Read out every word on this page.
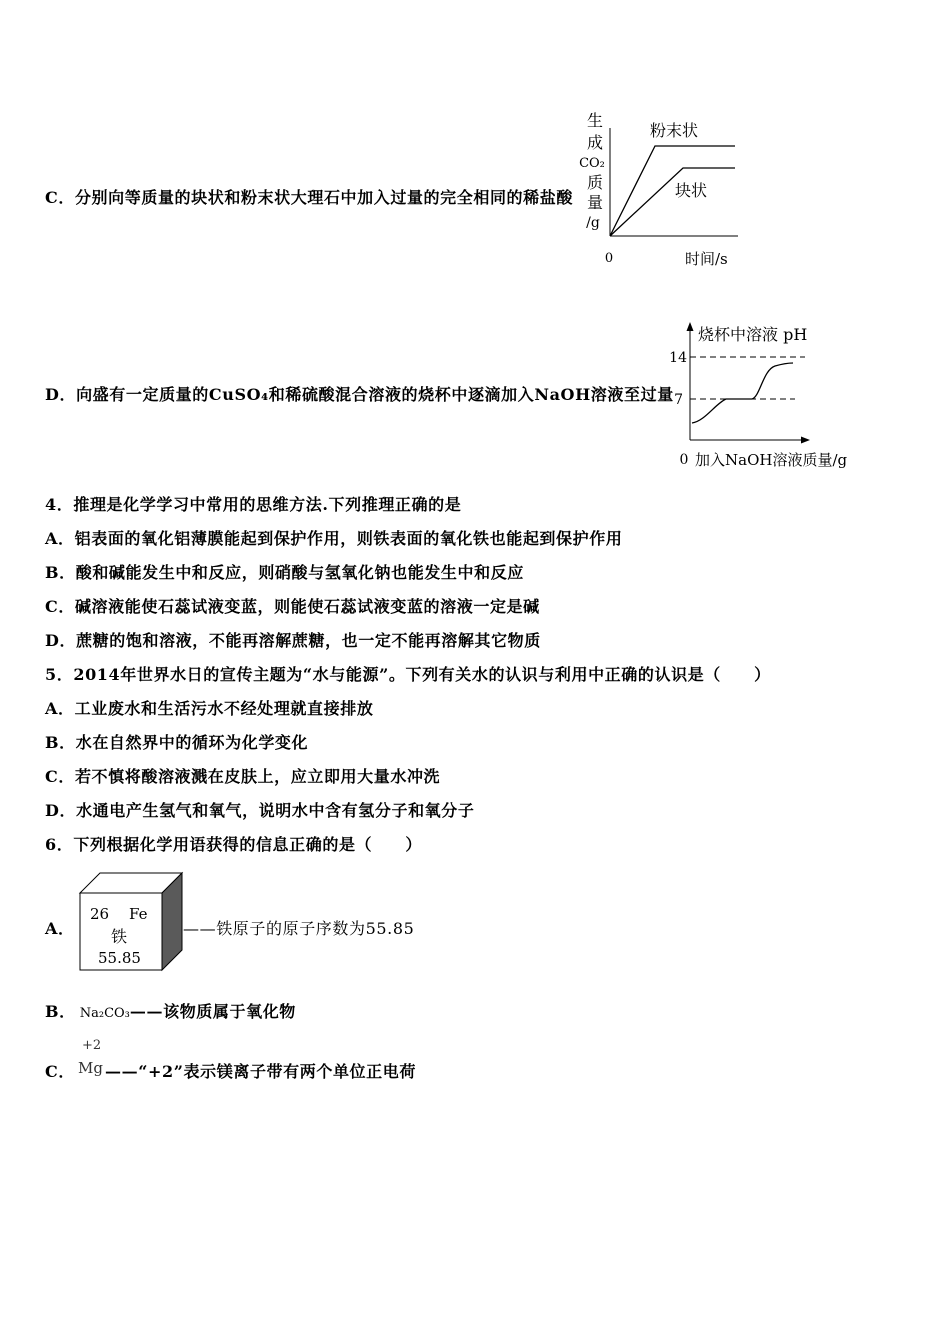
C．分别向等质量的块状和粉末状大理石中加入过量的完全相同的稀盐酸
粉末状
块状
生
成
CO₂
质
量
/g
0	时间/s
D．向盛有一定质量的CuSO₄和稀硫酸混合溶液的烧杯中逐滴加入NaOH溶液至过量
烧杯中溶液 pH
14
7
0 加入NaOH溶液质量/g
4．推理是化学学习中常用的思维方法.下列推理正确的是
A．铝表面的氧化铝薄膜能起到保护作用，则铁表面的氧化铁也能起到保护作用
B．酸和碱能发生中和反应，则硝酸与氢氧化钠也能发生中和反应
C．碱溶液能使石蕊试液变蓝，则能使石蕊试液变蓝的溶液一定是碱
D．蔗糖的饱和溶液，不能再溶解蔗糖，也一定不能再溶解其它物质
5．2014年世界水日的宣传主题为“水与能源”。下列有关水的认识与利用中正确的认识是（　　）
A．工业废水和生活污水不经处理就直接排放
B．水在自然界中的循环为化学变化
C．若不慎将酸溶液溅在皮肤上，应立即用大量水冲洗
D．水通电产生氢气和氧气，说明水中含有氢分子和氧分子
6．下列根据化学用语获得的信息正确的是（　　）
A．
26 Fe
铁
55.85
——铁原子的原子序数为55.85
B． Na₂CO₃——该物质属于氧化物
C．
+2
Mg ——“+2”表示镁离子带有两个单位正电荷
